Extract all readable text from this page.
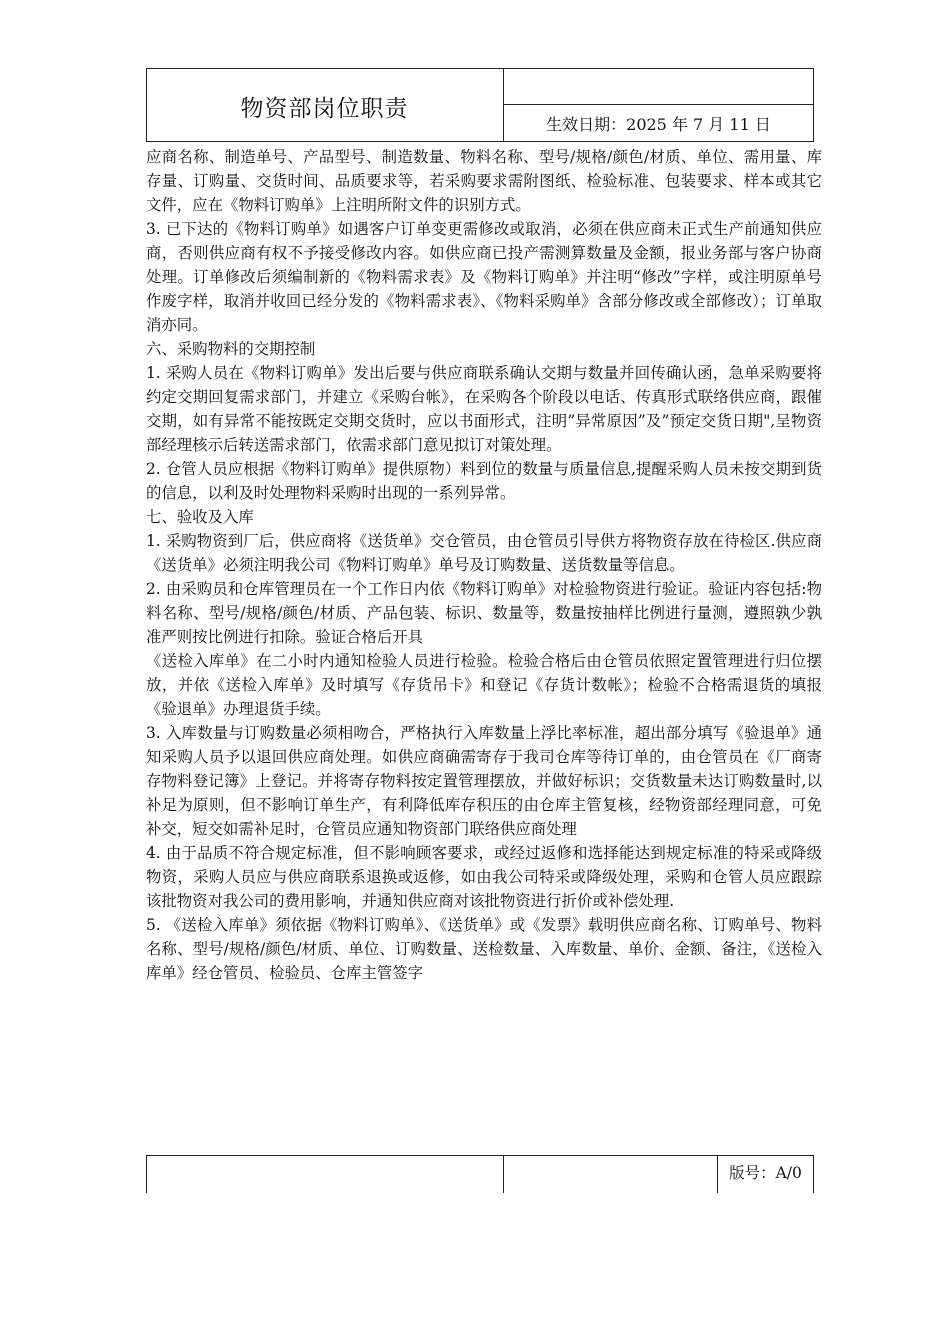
物资部岗位职责
生效日期：2025 年 7 月 11 日

应商名称、制造单号、产品型号、制造数量、物料名称、型号/规格/颜色/材质、单位、需用量、库存量、订购量、交货时间、品质要求等，若采购要求需附图纸、检验标准、包装要求、样本或其它文件，应在《物料订购单》上注明所附文件的识别方式。

3. 已下达的《物料订购单》如遇客户订单变更需修改或取消，必须在供应商未正式生产前通知供应商，否则供应商有权不予接受修改内容。如供应商已投产需测算数量及金额，报业务部与客户协商处理。订单修改后须编制新的《物料需求表》及《物料订购单》并注明“修改”字样，或注明原单号作废字样，取消并收回已经分发的《物料需求表》、《物料采购单》含部分修改或全部修改）；订单取消亦同。

六、采购物料的交期控制

1. 采购人员在《物料订购单》发出后要与供应商联系确认交期与数量并回传确认函，急单采购要将约定交期回复需求部门，并建立《采购台帐》，在采购各个阶段以电话、传真形式联络供应商，跟催交期，如有异常不能按既定交期交货时，应以书面形式，注明”异常原因”及”预定交货日期",呈物资部经理核示后转送需求部门，依需求部门意见拟订对策处理。

2. 仓管人员应根据《物料订购单》提供原物）料到位的数量与质量信息,提醒采购人员未按交期到货的信息，以利及时处理物料采购时出现的一系列异常。

七、验收及入库

1. 采购物资到厂后，供应商将《送货单》交仓管员，由仓管员引导供方将物资存放在待检区.供应商《送货单》必须注明我公司《物料订购单》单号及订购数量、送货数量等信息。

2. 由采购员和仓库管理员在一个工作日内依《物料订购单》对检验物资进行验证。验证内容包括:物料名称、型号/规格/颜色/材质、产品包装、标识、数量等，数量按抽样比例进行量测，遵照孰少孰准严则按比例进行扣除。验证合格后开具

《送检入库单》在二小时内通知检验人员进行检验。检验合格后由仓管员依照定置管理进行归位摆放，并依《送检入库单》及时填写《存货吊卡》和登记《存货计数帐》；检验不合格需退货的填报《验退单》办理退货手续。

3. 入库数量与订购数量必须相吻合，严格执行入库数量上浮比率标准，超出部分填写《验退单》通知采购人员予以退回供应商处理。如供应商确需寄存于我司仓库等待订单的，由仓管员在《厂商寄存物料登记簿》上登记。并将寄存物料按定置管理摆放，并做好标识；交货数量未达订购数量时,以补足为原则，但不影响订单生产，有利降低库存积压的由仓库主管复核，经物资部经理同意，可免补交，短交如需补足时，仓管员应通知物资部门联络供应商处理

4. 由于品质不符合规定标准，但不影响顾客要求，或经过返修和选择能达到规定标准的特采或降级物资，采购人员应与供应商联系退换或返修，如由我公司特采或降级处理，采购和仓管人员应跟踪该批物资对我公司的费用影响，并通知供应商对该批物资进行折价或补偿处理.

5. 《送检入库单》须依据《物料订购单》、《送货单》或《发票》载明供应商名称、订购单号、物料名称、型号/规格/颜色/材质、单位、订购数量、送检数量、入库数量、单价、金额、备注，《送检入库单》经仓管员、检验员、仓库主管签字

版号：A/0
